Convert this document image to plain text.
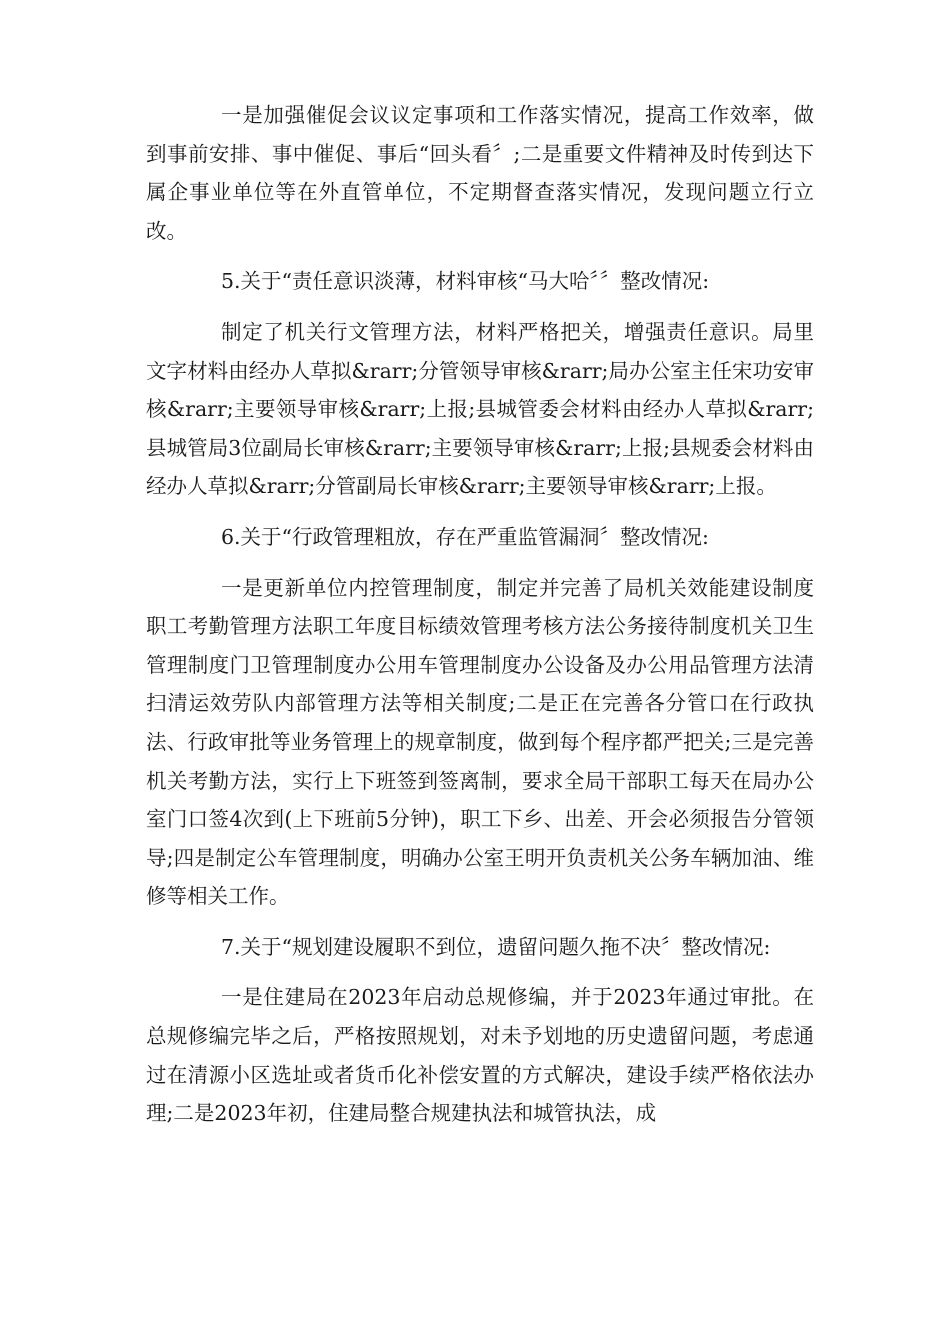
一是加强催促会议议定事项和工作落实情况，提高工作效率，做到事前安排、事中催促、事后“回头看〞;二是重要文件精神及时传到达下属企事业单位等在外直管单位，不定期督查落实情况，发现问题立行立改。

5.关于“责任意识淡薄，材料审核“马大哈〞〞整改情况:

制定了机关行文管理方法，材料严格把关，增强责任意识。局里文字材料由经办人草拟&rarr;分管领导审核&rarr;局办公室主任宋功安审核&rarr;主要领导审核&rarr;上报;县城管委会材料由经办人草拟&rarr;县城管局3位副局长审核&rarr;主要领导审核&rarr;上报;县规委会材料由经办人草拟&rarr;分管副局长审核&rarr;主要领导审核&rarr;上报。

6.关于“行政管理粗放，存在严重监管漏洞〞整改情况:

一是更新单位内控管理制度，制定并完善了局机关效能建设制度职工考勤管理方法职工年度目标绩效管理考核方法公务接待制度机关卫生管理制度门卫管理制度办公用车管理制度办公设备及办公用品管理方法清扫清运效劳队内部管理方法等相关制度;二是正在完善各分管口在行政执法、行政审批等业务管理上的规章制度，做到每个程序都严把关;三是完善机关考勤方法，实行上下班签到签离制，要求全局干部职工每天在局办公室门口签4次到(上下班前5分钟)，职工下乡、出差、开会必须报告分管领导;四是制定公车管理制度，明确办公室王明开负责机关公务车辆加油、维修等相关工作。

7.关于“规划建设履职不到位，遗留问题久拖不决〞整改情况:

一是住建局在2023年启动总规修编，并于2023年通过审批。在总规修编完毕之后，严格按照规划，对未予划地的历史遗留问题，考虑通过在清源小区选址或者货币化补偿安置的方式解决，建设手续严格依法办理;二是2023年初，住建局整合规建执法和城管执法，成
